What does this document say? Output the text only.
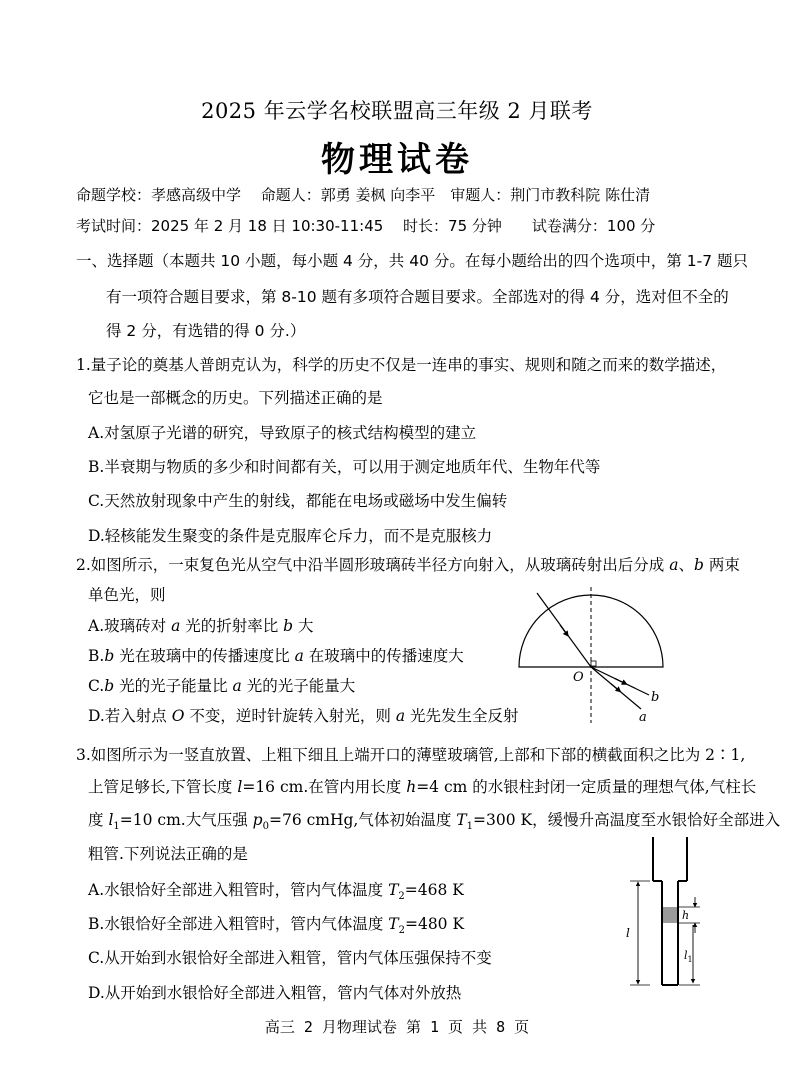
2025 年云学名校联盟高三年级 2 月联考
物理试卷
命题学校：孝感高级中学　 命题人：郭勇 姜枫 向李平　审题人：荆门市教科院 陈仕清
考试时间：2025 年 2 月 18 日 10:30-11:45　 时长：75 分钟　　试卷满分：100 分
一、选择题（本题共 10 小题，每小题 4 分，共 40 分。在每小题给出的四个选项中，第 1-7 题只
有一项符合题目要求，第 8-10 题有多项符合题目要求。全部选对的得 4 分，选对但不全的
得 2 分，有选错的得 0 分.）
1.量子论的奠基人普朗克认为，科学的历史不仅是一连串的事实、规则和随之而来的数学描述，
它也是一部概念的历史。下列描述正确的是
A.对氢原子光谱的研究，导致原子的核式结构模型的建立
B.半衰期与物质的多少和时间都有关，可以用于测定地质年代、生物年代等
C.天然放射现象中产生的射线，都能在电场或磁场中发生偏转
D.轻核能发生聚变的条件是克服库仑斥力，而不是克服核力
2.如图所示，一束复色光从空气中沿半圆形玻璃砖半径方向射入，从玻璃砖射出后分成 a、b 两束
单色光，则
A.玻璃砖对 a 光的折射率比 b 大
B.b 光在玻璃中的传播速度比 a 在玻璃中的传播速度大
C.b 光的光子能量比 a 光的光子能量大
D.若入射点 O 不变，逆时针旋转入射光，则 a 光先发生全反射
O
b
a
3.如图所示为一竖直放置、上粗下细且上端开口的薄壁玻璃管,上部和下部的横截面积之比为 2∶1,
上管足够长,下管长度 l=16 cm.在管内用长度 h=4 cm 的水银柱封闭一定质量的理想气体,气柱长
度 $l_1=10$ cm.大气压强 $p_0=76$ cmHg,气体初始温度 $T_1=300$ K，缓慢升高温度至水银恰好全部进入
粗管.下列说法正确的是
A.水银恰好全部进入粗管时，管内气体温度 $T_2=468$ K
B.水银恰好全部进入粗管时，管内气体温度 $T_2=480$ K
C.从开始到水银恰好全部进入粗管，管内气体压强保持不变
D.从开始到水银恰好全部进入粗管，管内气体对外放热
l
h
$l_1$
高三 2 月物理试卷 第 1 页 共 8 页
